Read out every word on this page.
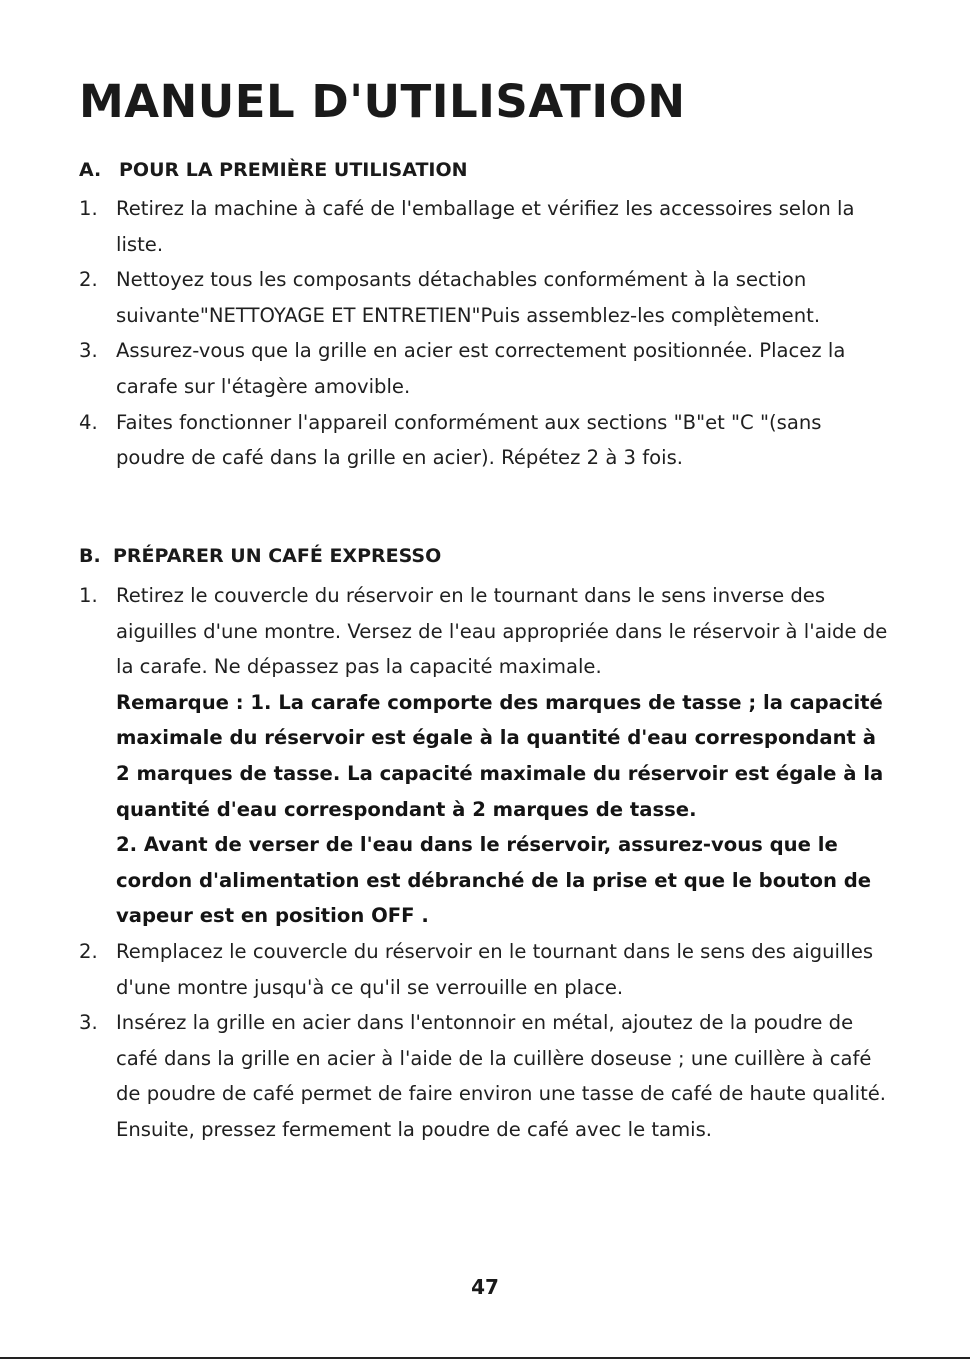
MANUEL D'UTILISATION
A. POUR LA PREMIÈRE UTILISATION
1. Retirez la machine à café de l'emballage et vérifiez les accessoires selon la liste.
2. Nettoyez tous les composants détachables conformément à la section suivante"NETTOYAGE ET ENTRETIEN"Puis assemblez-les complètement.
3. Assurez-vous que la grille en acier est correctement positionnée. Placez la carafe sur l'étagère amovible.
4. Faites fonctionner l'appareil conformément aux sections "B"et "C "(sans poudre de café dans la grille en acier). Répétez 2 à 3 fois.
B. PRÉPARER UN CAFÉ EXPRESSO
1. Retirez le couvercle du réservoir en le tournant dans le sens inverse des aiguilles d'une montre. Versez de l'eau appropriée dans le réservoir à l'aide de la carafe. Ne dépassez pas la capacité maximale.
Remarque : 1. La carafe comporte des marques de tasse ; la capacité maximale du réservoir est égale à la quantité d'eau correspondant à 2 marques de tasse. La capacité maximale du réservoir est égale à la quantité d'eau correspondant à 2 marques de tasse.
2. Avant de verser de l'eau dans le réservoir, assurez-vous que le cordon d'alimentation est débranché de la prise et que le bouton de vapeur est en position OFF .
2. Remplacez le couvercle du réservoir en le tournant dans le sens des aiguilles d'une montre jusqu'à ce qu'il se verrouille en place.
3. Insérez la grille en acier dans l'entonnoir en métal, ajoutez de la poudre de café dans la grille en acier à l'aide de la cuillère doseuse ; une cuillère à café de poudre de café permet de faire environ une tasse de café de haute qualité. Ensuite, pressez fermement la poudre de café avec le tamis.
47
